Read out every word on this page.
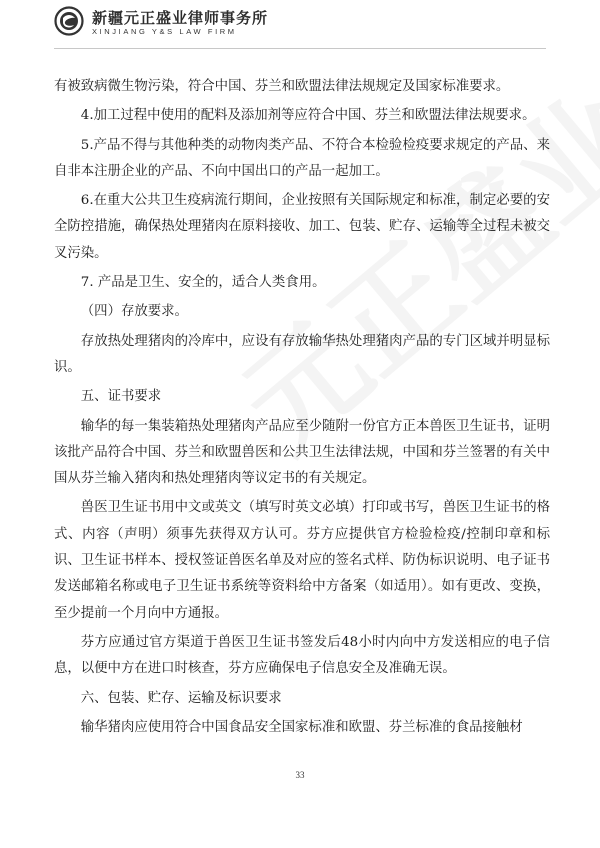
新疆元正盛业律师事务所
XINJIANG Y&S LAW FIRM

有被致病微生物污染，符合中国、芬兰和欧盟法律法规规定及国家标准要求。

4.加工过程中使用的配料及添加剂等应符合中国、芬兰和欧盟法律法规要求。

5.产品不得与其他种类的动物肉类产品、不符合本检验检疫要求规定的产品、来自非本注册企业的产品、不向中国出口的产品一起加工。

6.在重大公共卫生疫病流行期间，企业按照有关国际规定和标准，制定必要的安全防控措施，确保热处理猪肉在原料接收、加工、包装、贮存、运输等全过程未被交叉污染。

7. 产品是卫生、安全的，适合人类食用。

（四）存放要求。

存放热处理猪肉的冷库中，应设有存放输华热处理猪肉产品的专门区域并明显标识。

五、证书要求

输华的每一集装箱热处理猪肉产品应至少随附一份官方正本兽医卫生证书，证明该批产品符合中国、芬兰和欧盟兽医和公共卫生法律法规，中国和芬兰签署的有关中国从芬兰输入猪肉和热处理猪肉等议定书的有关规定。

兽医卫生证书用中文或英文（填写时英文必填）打印或书写，兽医卫生证书的格式、内容（声明）须事先获得双方认可。芬方应提供官方检验检疫/控制印章和标识、卫生证书样本、授权签证兽医名单及对应的签名式样、防伪标识说明、电子证书发送邮箱名称或电子卫生证书系统等资料给中方备案（如适用）。如有更改、变换，至少提前一个月向中方通报。

芬方应通过官方渠道于兽医卫生证书签发后48小时内向中方发送相应的电子信息，以便中方在进口时核查，芬方应确保电子信息安全及准确无误。

六、包装、贮存、运输及标识要求

输华猪肉应使用符合中国食品安全国家标准和欧盟、芬兰标准的食品接触材

33
